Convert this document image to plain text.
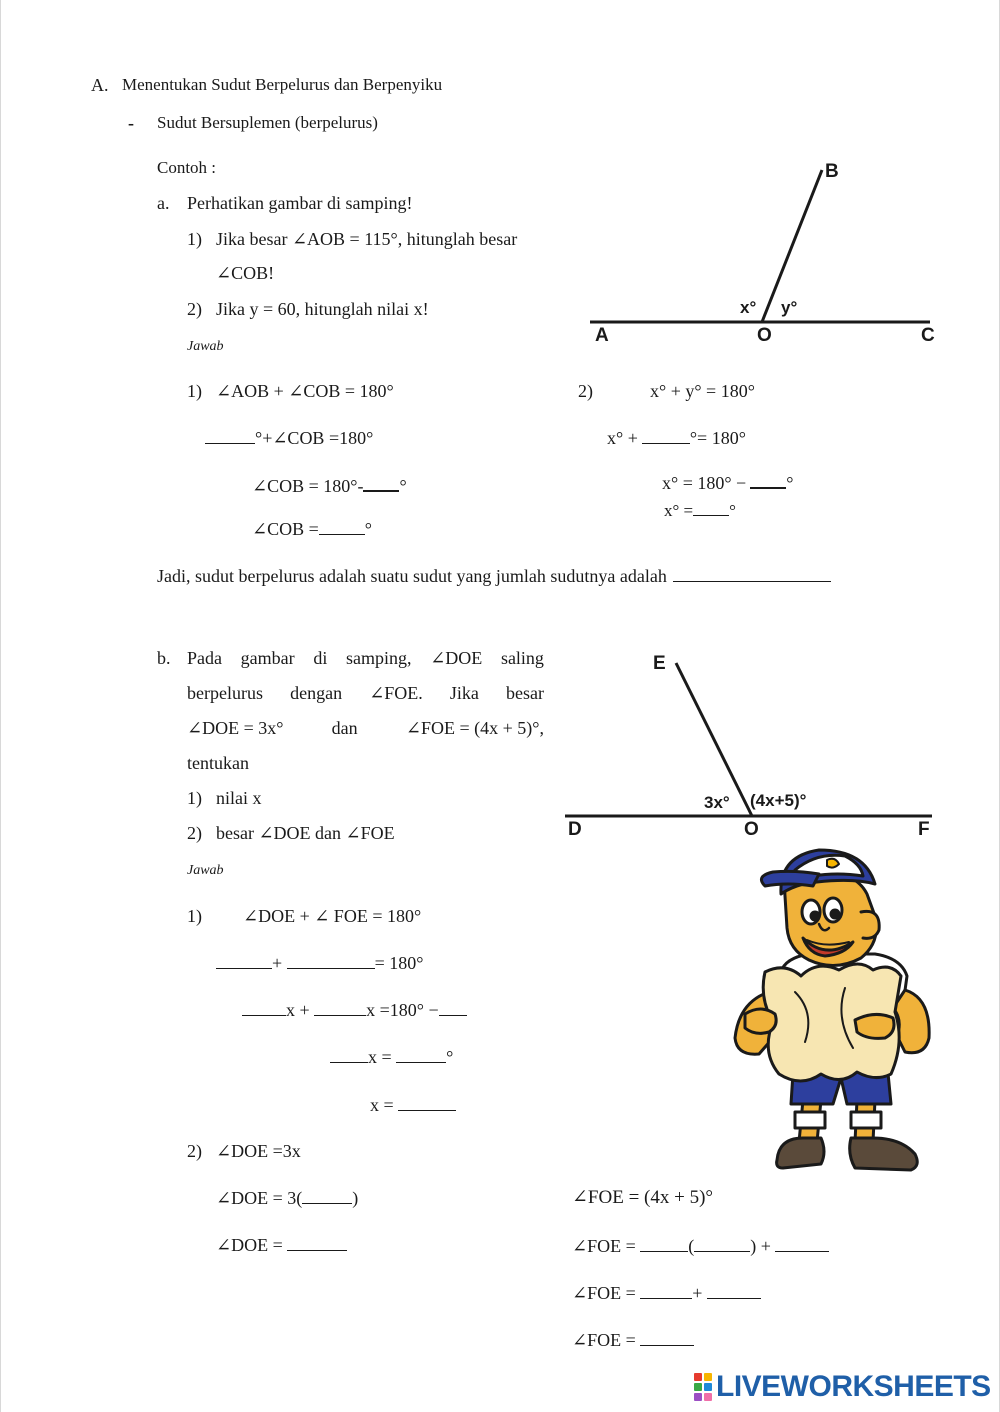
A. Menentukan Sudut Berpelurus dan Berpenyiku
- Sudut Bersuplemen (berpelurus)
Contoh :
a. Perhatikan gambar di samping!
1) Jika besar ∠AOB = 115°, hitunglah besar
∠COB!
2) Jika y = 60, hitunglah nilai x!
Jawab
A	O	C
B
x° y°
1) ∠AOB + ∠COB = 180°
°+∠COB =180°
∠COB = 180°- °
∠COB =	°
2)	x° + y° = 180°
x° +	°= 180°
x° = 180° − °
x° = °
Jadi, sudut berpelurus adalah suatu sudut yang jumlah sudutnya adalah
b. Pada gambar di samping, ∠DOE saling
berpelurus dengan ∠FOE. Jika besar
∠DOE = 3x°	dan	∠FOE = (4x + 5)°,
tentukan
1) nilai x
2) besar ∠DOE dan ∠FOE
Jawab
D	O	F
E
3x° (4x+5)°
1) ∠DOE + ∠ FOE = 180°
+	= 180°
x +	x =180° −
x =	°
x =
2) ∠DOE =3x
∠DOE = 3(	)
∠DOE =
∠FOE = (4x + 5)°
∠FOE =	(	) +
∠FOE =	+
∠FOE =
LIVEWORKSHEETS
